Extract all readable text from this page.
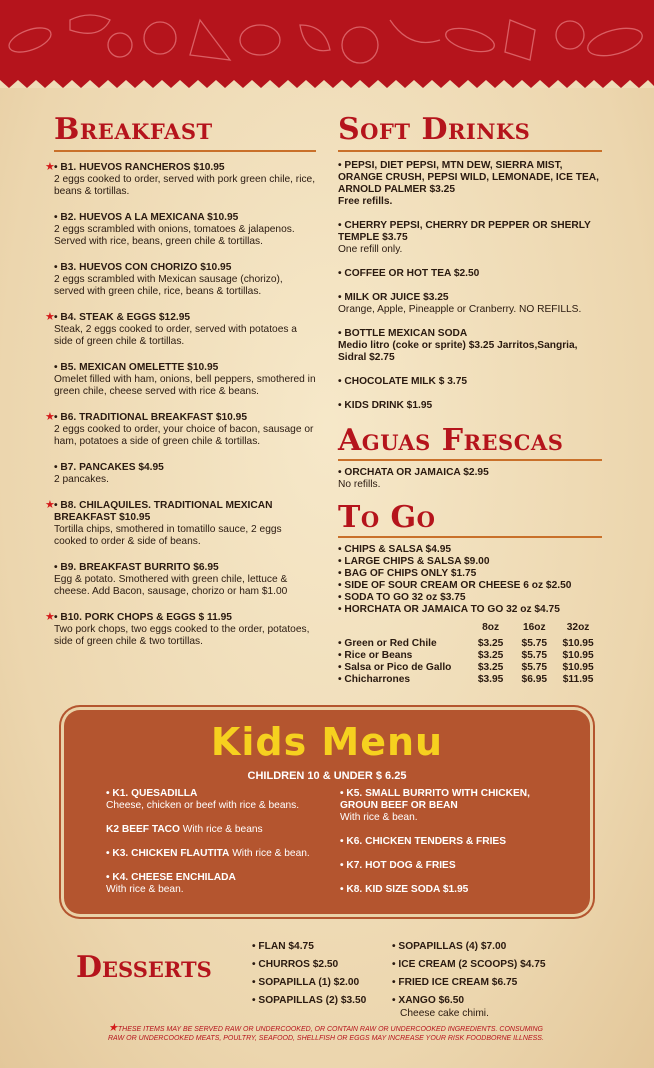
Breakfast

★ • B1. HUEVOS RANCHEROS $10.95
2 eggs cooked to order, served with pork green chile, rice, beans & tortillas.

• B2. HUEVOS A LA MEXICANA $10.95
2 eggs scrambled with onions, tomatoes & jalapenos. Served with rice, beans, green chile & tortillas.

• B3. HUEVOS CON CHORIZO $10.95
2 eggs scrambled with Mexican sausage (chorizo), served with green chile, rice, beans & tortillas.

★ • B4. STEAK & EGGS $12.95
Steak, 2 eggs cooked to order, served with potatoes a side of green chile & tortillas.

• B5. MEXICAN OMELETTE $10.95
Omelet filled with ham, onions, bell peppers, smothered in green chile, cheese served with rice & beans.

★ • B6. TRADITIONAL BREAKFAST $10.95
2 eggs cooked to order, your choice of bacon, sausage or ham, potatoes a side of green chile & tortillas.

• B7. PANCAKES $4.95
2 pancakes.

★ • B8. CHILAQUILES. TRADITIONAL MEXICAN BREAKFAST $10.95
Tortilla chips, smothered in tomatillo sauce, 2 eggs cooked to order & side of beans.

• B9. BREAKFAST BURRITO $6.95
Egg & potato. Smothered with green chile, lettuce & cheese. Add Bacon, sausage, chorizo or ham $1.00

★ • B10. PORK CHOPS & EGGS $ 11.95
Two pork chops, two eggs cooked to the order, potatoes, side of green chile & two tortillas.

Soft Drinks

• PEPSI, DIET PEPSI, MTN DEW, SIERRA MIST, ORANGE CRUSH, PEPSI WILD, LEMONADE, ICE TEA, ARNOLD PALMER $3.25
Free refills.

• CHERRY PEPSI, CHERRY DR PEPPER OR SHERLY TEMPLE $3.75
One refill only.

• COFFEE OR HOT TEA $2.50

• MILK OR JUICE $3.25
Orange, Apple, Pineapple or Cranberry. NO REFILLS.

• BOTTLE MEXICAN SODA
Medio litro (coke or sprite) $3.25 Jarritos,Sangria, Sidral $2.75

• CHOCOLATE MILK $ 3.75

• KIDS DRINK $1.95

Aguas Frescas

• ORCHATA OR JAMAICA $2.95
No refills.

To Go
• CHIPS & SALSA $4.95
• LARGE CHIPS & SALSA $9.00
• BAG OF CHIPS ONLY $1.75
• SIDE OF SOUR CREAM OR CHEESE 6 oz $2.50
• SODA TO GO 32 oz $3.75
• HORCHATA OR JAMAICA TO GO 32 oz $4.75
	8oz	16oz	32oz

• Green or Red Chile	$3.25	$5.75	$10.95
• Rice or Beans	$3.25	$5.75	$10.95
• Salsa or Pico de Gallo	$3.25	$5.75	$10.95
• Chicharrones	$3.95	$6.95	$11.95
Kids Menu
CHILDREN 10 & UNDER $ 6.25

• K1. QUESADILLA
Cheese, chicken or beef with rice & beans.

K2 BEEF TACO With rice & beans

• K3. CHICKEN FLAUTITA With rice & bean.

• K4. CHEESE ENCHILADA
With rice & bean.

• K5. SMALL BURRITO WITH CHICKEN, GROUN BEEF OR BEAN
With rice & bean.

• K6. CHICKEN TENDERS & FRIES

• K7. HOT DOG & FRIES

• K8. KID SIZE SODA $1.95

Desserts
• FLAN $4.75
• CHURROS $2.50
• SOPAPILLA (1) $2.00
• SOPAPILLAS (2) $3.50
• SOPAPILLAS (4) $7.00
• ICE CREAM (2 SCOOPS) $4.75
• FRIED ICE CREAM $6.75
• XANGO $6.50
Cheese cake chimi.
★THESE ITEMS MAY BE SERVED RAW OR UNDERCOOKED, OR CONTAIN RAW OR UNDERCOOKED INGREDIENTS. CONSUMING RAW OR UNDERCOOKED MEATS, POULTRY, SEAFOOD, SHELLFISH OR EGGS MAY INCREASE YOUR RISK FOODBORNE ILLNESS.
